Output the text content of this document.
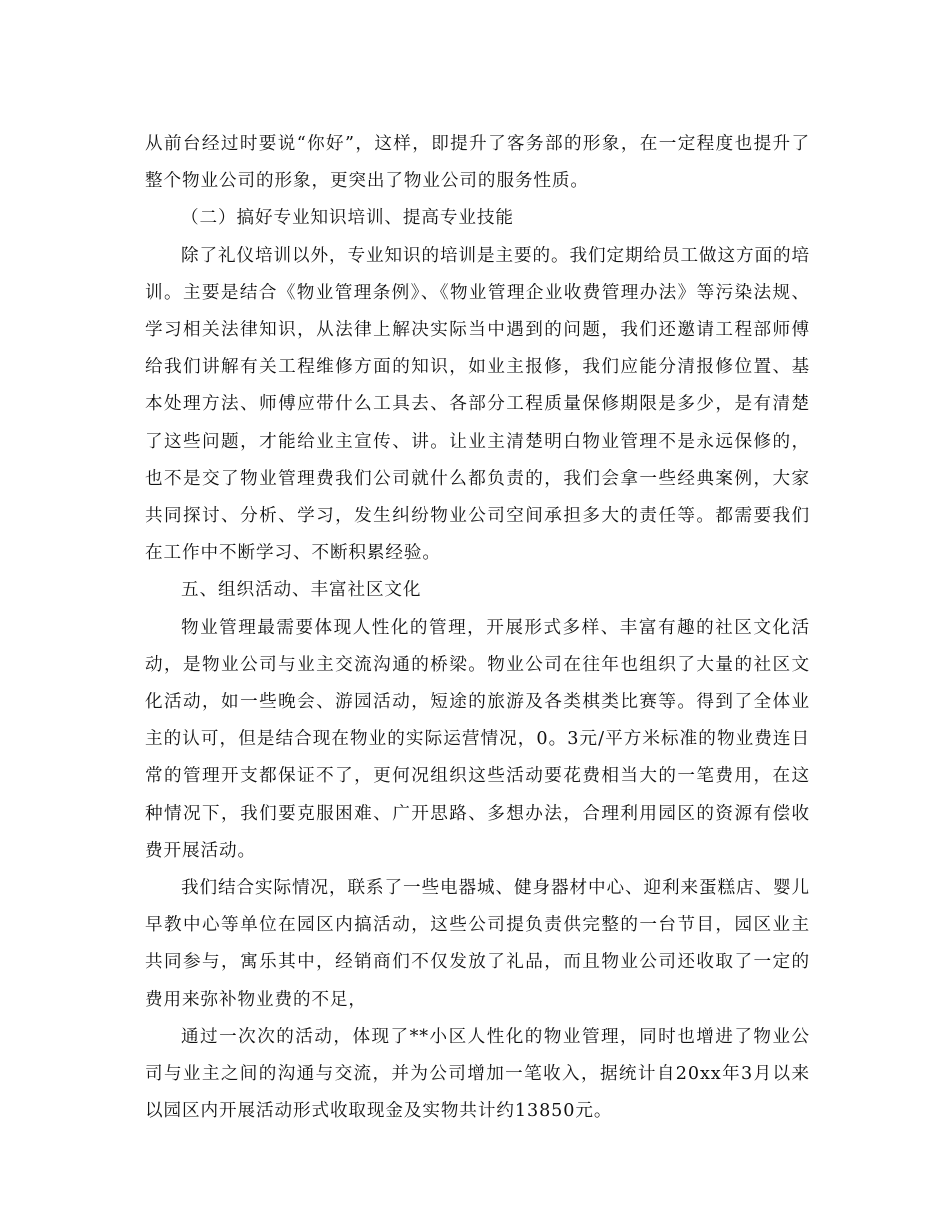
从前台经过时要说“你好”，这样，即提升了客务部的形象，在一定程度也提升了整个物业公司的形象，更突出了物业公司的服务性质。

（二）搞好专业知识培训、提高专业技能

除了礼仪培训以外，专业知识的培训是主要的。我们定期给员工做这方面的培训。主要是结合《物业管理条例》、《物业管理企业收费管理办法》等污染法规、学习相关法律知识，从法律上解决实际当中遇到的问题，我们还邀请工程部师傅给我们讲解有关工程维修方面的知识，如业主报修，我们应能分清报修位置、基本处理方法、师傅应带什么工具去、各部分工程质量保修期限是多少，是有清楚了这些问题，才能给业主宣传、讲。让业主清楚明白物业管理不是永远保修的，也不是交了物业管理费我们公司就什么都负责的，我们会拿一些经典案例，大家共同探讨、分析、学习，发生纠纷物业公司空间承担多大的责任等。都需要我们在工作中不断学习、不断积累经验。

五、组织活动、丰富社区文化

物业管理最需要体现人性化的管理，开展形式多样、丰富有趣的社区文化活动，是物业公司与业主交流沟通的桥梁。物业公司在往年也组织了大量的社区文化活动，如一些晚会、游园活动，短途的旅游及各类棋类比赛等。得到了全体业主的认可，但是结合现在物业的实际运营情况，0。3元/平方米标准的物业费连日常的管理开支都保证不了，更何况组织这些活动要花费相当大的一笔费用，在这种情况下，我们要克服困难、广开思路、多想办法，合理利用园区的资源有偿收费开展活动。

我们结合实际情况，联系了一些电器城、健身器材中心、迎利来蛋糕店、婴儿早教中心等单位在园区内搞活动，这些公司提负责供完整的一台节目，园区业主共同参与，寓乐其中，经销商们不仅发放了礼品，而且物业公司还收取了一定的费用来弥补物业费的不足，

通过一次次的活动，体现了**小区人性化的物业管理，同时也增进了物业公司与业主之间的沟通与交流，并为公司增加一笔收入，据统计自20xx年3月以来以园区内开展活动形式收取现金及实物共计约13850元。
